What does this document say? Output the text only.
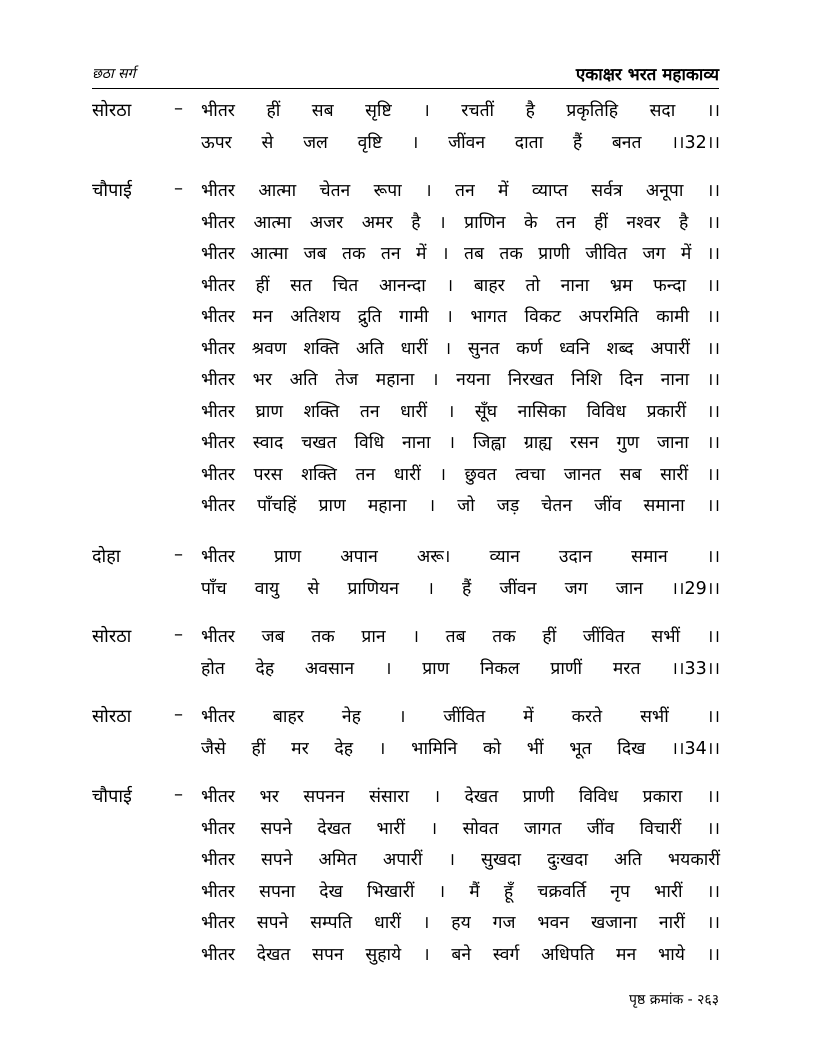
छठा सर्ग	एकाक्षर भरत महाकाव्य
सोरठा – भीतर हीं सब सृष्टि । रचतीं है प्रकृतिहि सदा ।।
ऊपर से जल वृष्टि । जींवन दाता हैं बनत ।।32।।
चौपाई – भीतर आत्मा चेतन रूपा । तन में व्याप्त सर्वत्र अनूपा ।।
भीतर आत्मा अजर अमर है । प्राणिन के तन हीं नश्वर है ।।
भीतर आत्मा जब तक तन में । तब तक प्राणी जीवित जग में ।।
भीतर हीं सत चित आनन्दा । बाहर तो नाना भ्रम फन्दा ।।
भीतर मन अतिशय द्रुति गामी । भागत विकट अपरमिति कामी ।।
भीतर श्रवण शक्ति अति धारीं । सुनत कर्ण ध्वनि शब्द अपारीं ।।
भीतर भर अति तेज महाना । नयना निरखत निशि दिन नाना ।।
भीतर घ्राण शक्ति तन धारीं । सूँघ नासिका विविध प्रकारीं ।।
भीतर स्वाद चखत विधि नाना । जिह्वा ग्राह्य रसन गुण जाना ।।
भीतर परस शक्ति तन धारीं । छुवत त्वचा जानत सब सारीं ।।
भीतर पाँचहिं प्राण महाना । जो जड़ चेतन जींव समाना ।।
दोहा	– भीतर प्राण अपान अरू। व्यान उदान समान ।।
पाँच वायु से प्राणियन । हैं जींवन जग जान ।।29।।
सोरठा – भीतर जब तक प्रान । तब तक हीं जींवित सभीं ।।
होत देह अवसान । प्राण निकल प्राणीं मरत ।।33।।
सोरठा – भीतर बाहर नेह । जींवित में करते सभीं ।।
जैसे हीं मर देह । भामिनि को भीं भूत दिख ।।34।।
चौपाई – भीतर भर सपनन संसारा । देखत प्राणी विविध प्रकारा ।।
भीतर सपने देखत भारीं । सोवत जागत जींव विचारीं ।।
भीतर सपने अमित अपारीं । सुखदा दुःखदा अति भयकारीं
भीतर सपना देख भिखारीं । मैं हूँ चक्रवर्ति नृप भारीं ।।
भीतर सपने सम्पति धारीं । हय गज भवन खजाना नारीं ।।
भीतर देखत सपन सुहाये । बने स्वर्ग अधिपति मन भाये ।।
पृष्ठ क्रमांक - २६३
